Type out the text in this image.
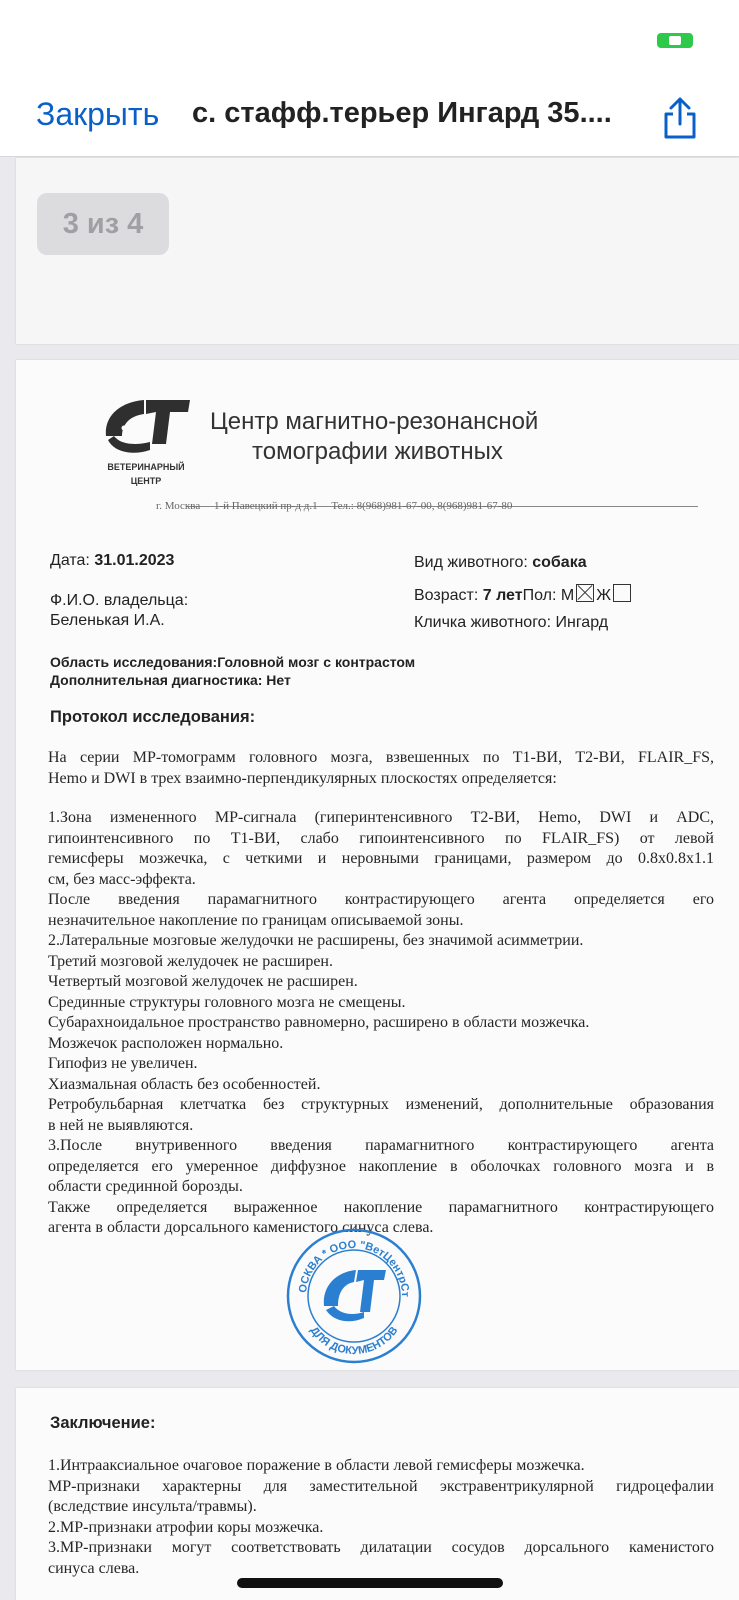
Закрыть с. стафф.терьер Ингард 35....
3 из 4
ВЕТЕРИНАРНЫЙ
ЦЕНТР
Центр магнитно-резонансной
томографии животных
г. Москва     1-й Павецкий пр-д д.1     Тел.: 8(968)981-67-00, 8(968)981-67-80
Дата: 31.01.2023
Ф.И.О. владельца:
Беленькая И.А.
Вид животного: собака
Возраст: 7 летПол: М Ж
Кличка животного: Ингард
Область исследования:Головной мозг с контрастом
Дополнительная диагностика: Нет
Протокол исследования:
На серии МР-томограмм головного мозга, взвешенных по Т1-ВИ, Т2-ВИ, FLAIR_FS,
Hemo и DWI в трех взаимно-перпендикулярных плоскостях определяется:
1.Зона измененного МР-сигнала (гиперинтенсивного Т2-ВИ, Hemo, DWI и ADC,
гипоинтенсивного по Т1-ВИ, слабо гипоинтенсивного по FLAIR_FS) от левой
гемисферы мозжечка, с четкими и неровными границами, размером до 0.8х0.8х1.1
см, без масс-эффекта.
После введения парамагнитного контрастирующего агента определяется его
незначительное накопление по границам описываемой зоны.
2.Латеральные мозговые желудочки не расширены, без значимой асимметрии.
Третий мозговой желудочек не расширен.
Четвертый мозговой желудочек не расширен.
Срединные структуры головного мозга не смещены.
Субарахноидальное пространство равномерно, расширено в области мозжечка.
Мозжечок расположен нормально.
Гипофиз не увеличен.
Хиазмальная область без особенностей.
Ретробульбарная клетчатка без структурных изменений, дополнительные образования
в ней не выявляются.
3.После внутривенного введения парамагнитного контрастирующего агента
определяется его умеренное диффузное накопление в оболочках головного мозга и в
области срединной борозды.
Также определяется выраженное накопление парамагнитного контрастирующего
агента в области дорсального каменистого синуса слева.
ОСКВА * ООО "ВетЦентрСт
ДЛЯ ДОКУМЕНТОВ
Заключение:
1.Интрааксиальное очаговое поражение в области левой гемисферы мозжечка.
МР-признаки характерны для заместительной экстравентрикулярной гидроцефалии
(вследствие инсульта/травмы).
2.МР-признаки атрофии коры мозжечка.
3.МР-признаки могут соответствовать дилатации сосудов дорсального каменистого
синуса слева.
